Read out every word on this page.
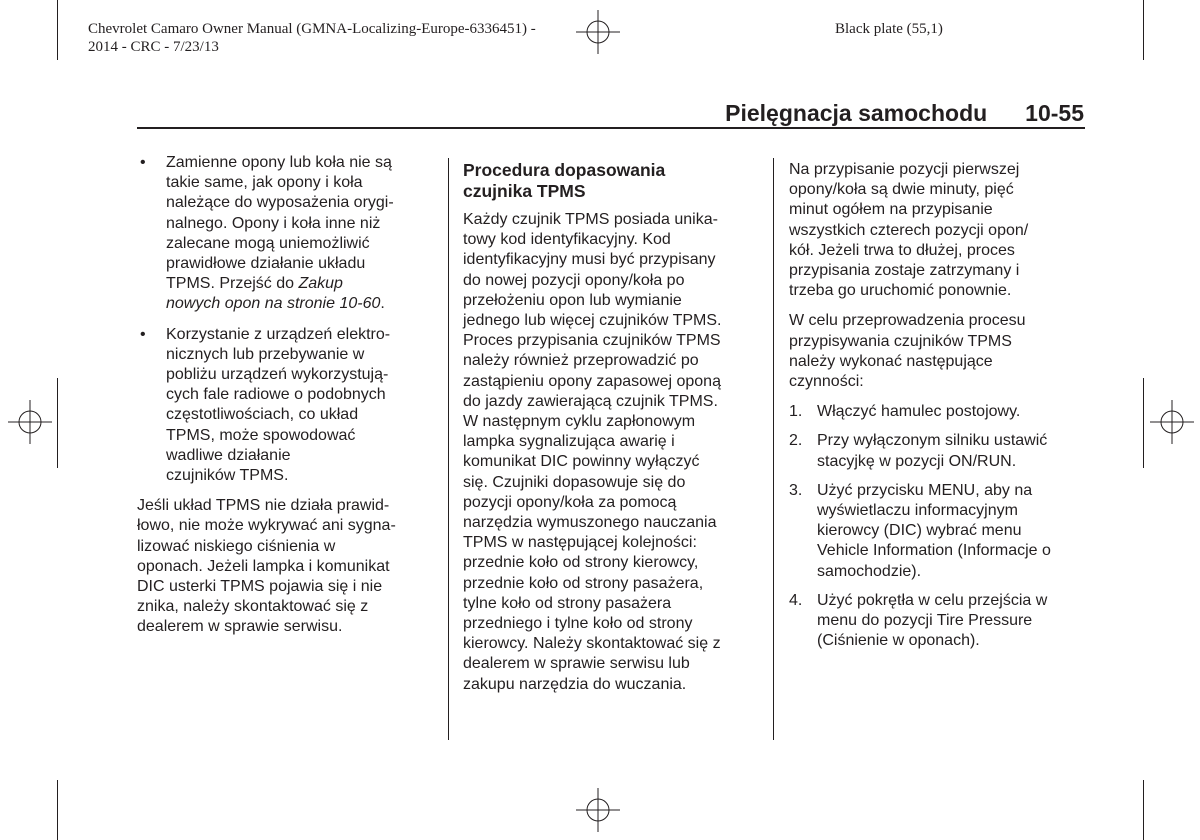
Chevrolet Camaro Owner Manual (GMNA-Localizing-Europe-6336451) -
2014 - CRC - 7/23/13
Black plate (55,1)
Pielęgnacja samochodu 10-55
• Zamienne opony lub koła nie są
takie same, jak opony i koła
należące do wyposażenia orygi-
nalnego. Opony i koła inne niż
zalecane mogą uniemożliwić
prawidłowe działanie układu
TPMS. Przejść do Zakup
nowych opon na stronie 10-60.
• Korzystanie z urządzeń elektro-
nicznych lub przebywanie w
pobliżu urządzeń wykorzystują-
cych fale radiowe o podobnych
częstotliwościach, co układ
TPMS, może spowodować
wadliwe działanie
czujników TPMS.
Jeśli układ TPMS nie działa prawid-
łowo, nie może wykrywać ani sygna-
lizować niskiego ciśnienia w
oponach. Jeżeli lampka i komunikat
DIC usterki TPMS pojawia się i nie
znika, należy skontaktować się z
dealerem w sprawie serwisu.
Procedura dopasowania
czujnika TPMS
Każdy czujnik TPMS posiada unika-
towy kod identyfikacyjny. Kod
identyfikacyjny musi być przypisany
do nowej pozycji opony/koła po
przełożeniu opon lub wymianie
jednego lub więcej czujników TPMS.
Proces przypisania czujników TPMS
należy również przeprowadzić po
zastąpieniu opony zapasowej oponą
do jazdy zawierającą czujnik TPMS.
W następnym cyklu zapłonowym
lampka sygnalizująca awarię i
komunikat DIC powinny wyłączyć
się. Czujniki dopasowuje się do
pozycji opony/koła za pomocą
narzędzia wymuszonego nauczania
TPMS w następującej kolejności:
przednie koło od strony kierowcy,
przednie koło od strony pasażera,
tylne koło od strony pasażera
przedniego i tylne koło od strony
kierowcy. Należy skontaktować się z
dealerem w sprawie serwisu lub
zakupu narzędzia do wuczania.
Na przypisanie pozycji pierwszej
opony/koła są dwie minuty, pięć
minut ogółem na przypisanie
wszystkich czterech pozycji opon/
kół. Jeżeli trwa to dłużej, proces
przypisania zostaje zatrzymany i
trzeba go uruchomić ponownie.
W celu przeprowadzenia procesu
przypisywania czujników TPMS
należy wykonać następujące
czynności:
1. Włączyć hamulec postojowy.
2. Przy wyłączonym silniku ustawić
stacyjkę w pozycji ON/RUN.
3. Użyć przycisku MENU, aby na
wyświetlaczu informacyjnym
kierowcy (DIC) wybrać menu
Vehicle Information (Informacje o
samochodzie).
4. Użyć pokrętła w celu przejścia w
menu do pozycji Tire Pressure
(Ciśnienie w oponach).
